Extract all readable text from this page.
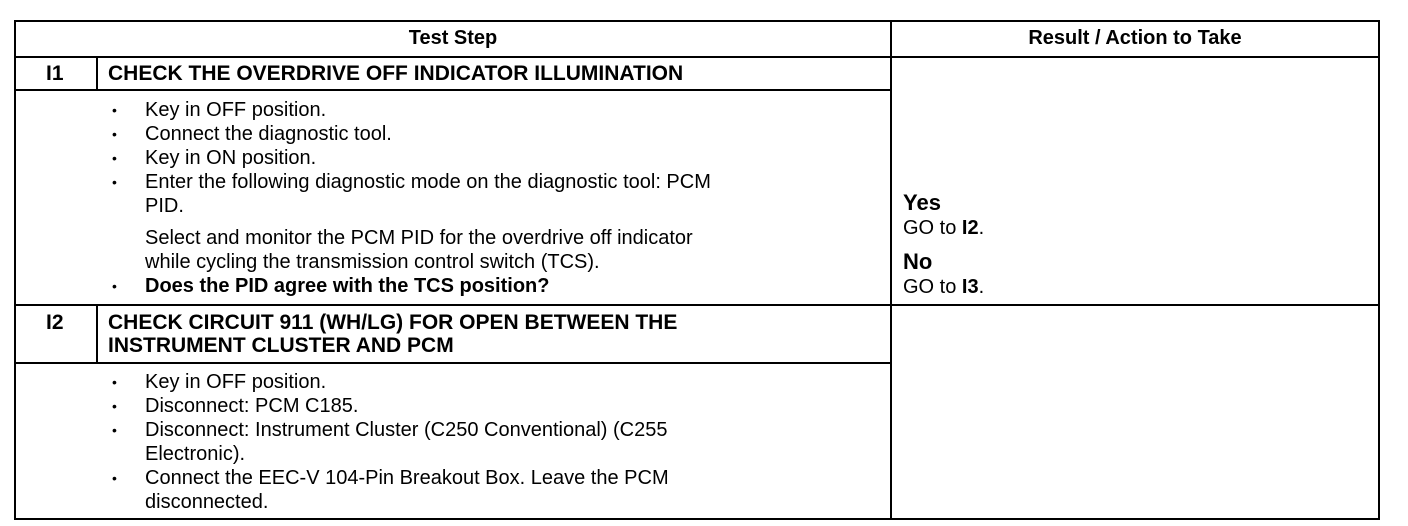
Test Step	Result / Action to Take
I1 CHECK THE OVERDRIVE OFF INDICATOR ILLUMINATION
• Key in OFF position.
• Connect the diagnostic tool.
• Key in ON position.
• Enter the following diagnostic mode on the diagnostic tool: PCM
PID.
Select and monitor the PCM PID for the overdrive off indicator
while cycling the transmission control switch (TCS).
• Does the PID agree with the TCS position?
Yes
GO to I2.
No
GO to I3.
I2 CHECK CIRCUIT 911 (WH/LG) FOR OPEN BETWEEN THE
INSTRUMENT CLUSTER AND PCM
• Key in OFF position.
• Disconnect: PCM C185.
• Disconnect: Instrument Cluster (C250 Conventional) (C255
Electronic).
• Connect the EEC-V 104-Pin Breakout Box. Leave the PCM
disconnected.
